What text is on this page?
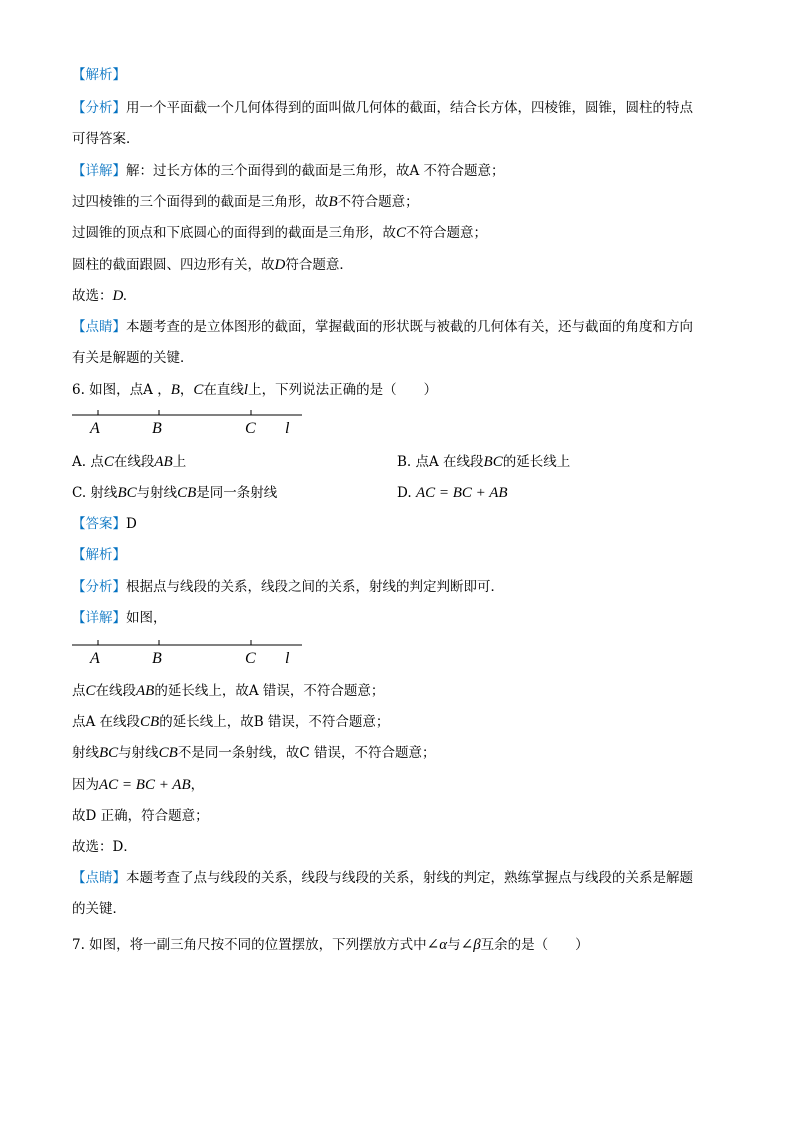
【解析】
【分析】用一个平面截一个几何体得到的面叫做几何体的截面，结合长方体，四棱锥，圆锥，圆柱的特点
可得答案．
【详解】解：过长方体的三个面得到的截面是三角形，故A 不符合题意；
过四棱锥的三个面得到的截面是三角形，故B不符合题意；
过圆锥的顶点和下底圆心的面得到的截面是三角形，故C不符合题意；
圆柱的截面跟圆、四边形有关，故D符合题意．
故选：D.
【点睛】本题考查的是立体图形的截面，掌握截面的形状既与被截的几何体有关，还与截面的角度和方向
有关是解题的关键．
6. 如图，点A ，B，C在直线l上，下列说法正确的是（　　）
A	B	C l
A. 点C在线段AB上	B. 点A 在线段BC的延长线上
C. 射线BC与射线CB是同一条射线	D. AC = BC + AB
【答案】D
【解析】
【分析】根据点与线段的关系，线段之间的关系，射线的判定判断即可．
【详解】如图，
A	B	C l
点C在线段AB的延长线上，故A 错误，不符合题意；
点A 在线段CB的延长线上，故B 错误，不符合题意；
射线BC与射线CB不是同一条射线，故C 错误，不符合题意；
因为AC = BC + AB，
故D 正确，符合题意；
故选：D．
【点睛】本题考查了点与线段的关系，线段与线段的关系，射线的判定，熟练掌握点与线段的关系是解题
的关键．
7. 如图，将一副三角尺按不同的位置摆放，下列摆放方式中∠α与∠β互余的是（　　）
